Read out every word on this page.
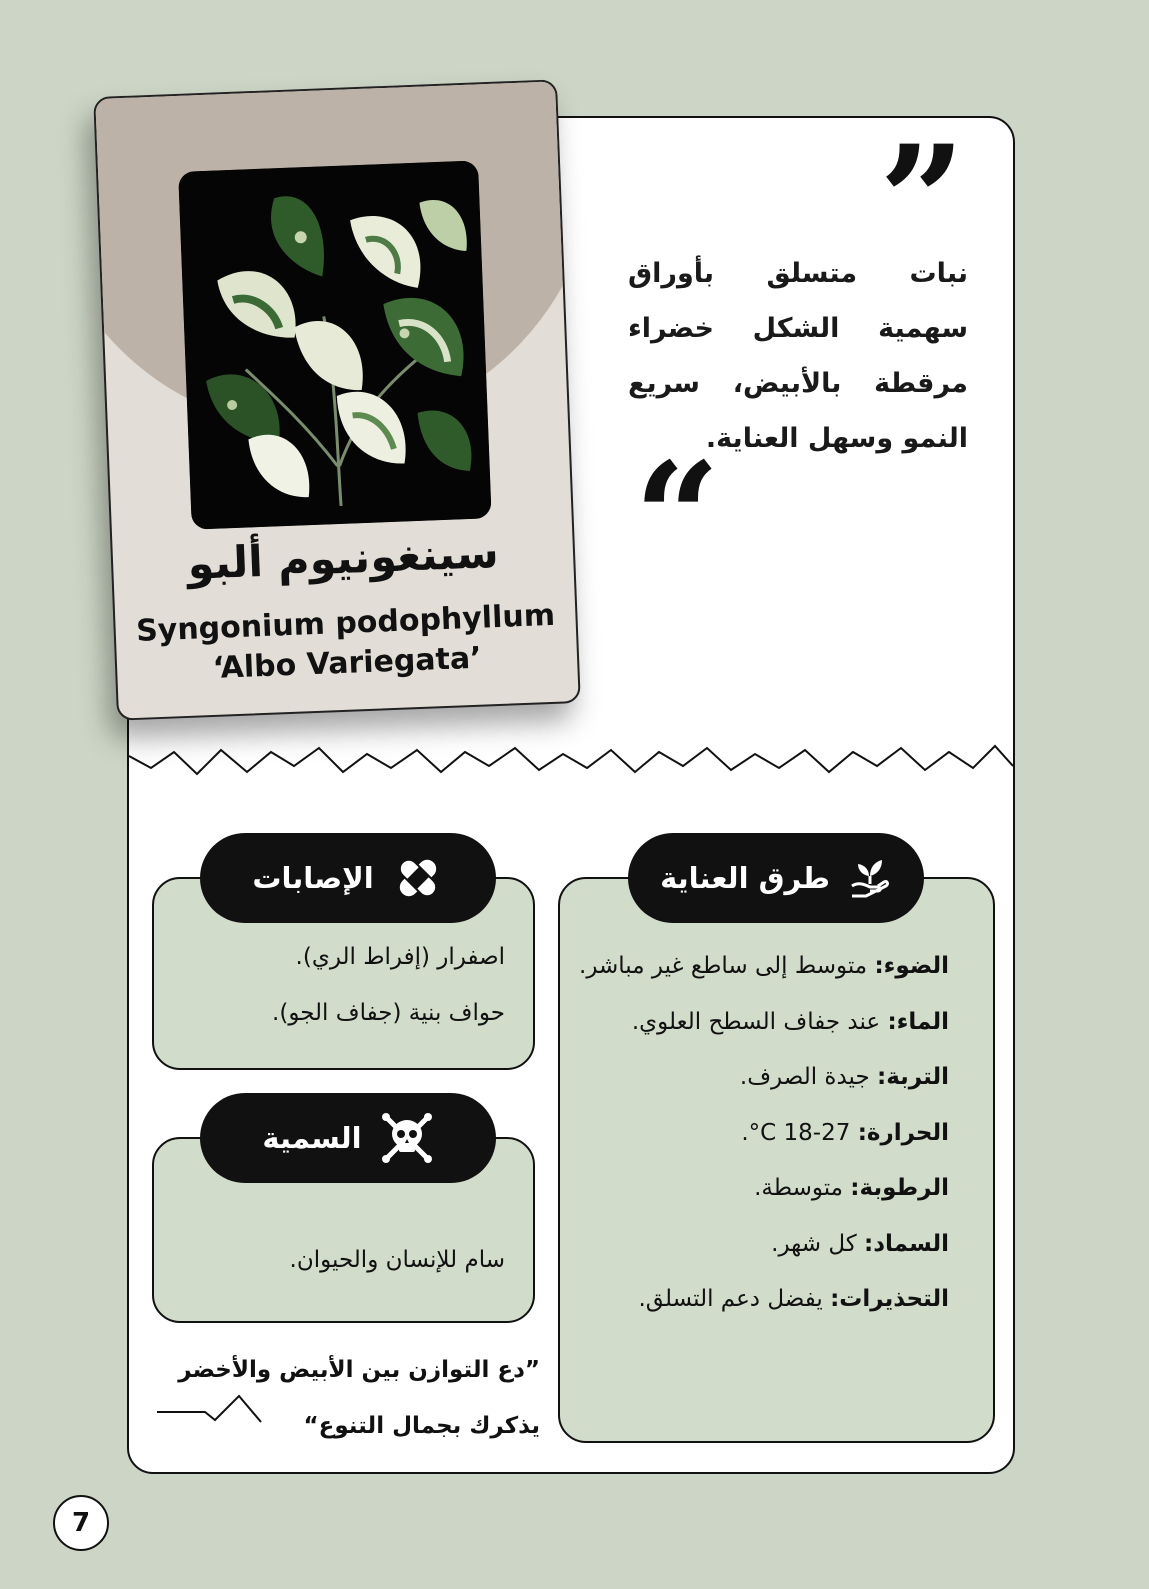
”
نبات متسلق بأوراق سهمية الشكل خضراء مرقطة بالأبيض، سريع النمو وسهل العناية.
“
سينغونيوم ألبو
Syngonium podophyllum
‘Albo Variegata’
الضوء: متوسط إلى ساطع غير مباشر.
الماء: عند جفاف السطح العلوي.
التربة: جيدة الصرف.
الحرارة: 27-18 C°.
الرطوبة: متوسطة.
السماد: كل شهر.
التحذيرات: يفضل دعم التسلق.
طرق العناية
اصفرار (إفراط الري).
حواف بنية (جفاف الجو).
الإصابات
سام للإنسان والحيوان.
السمية
”دع التوازن بين الأبيض والأخضر
يذكرك بجمال التنوع“
7
